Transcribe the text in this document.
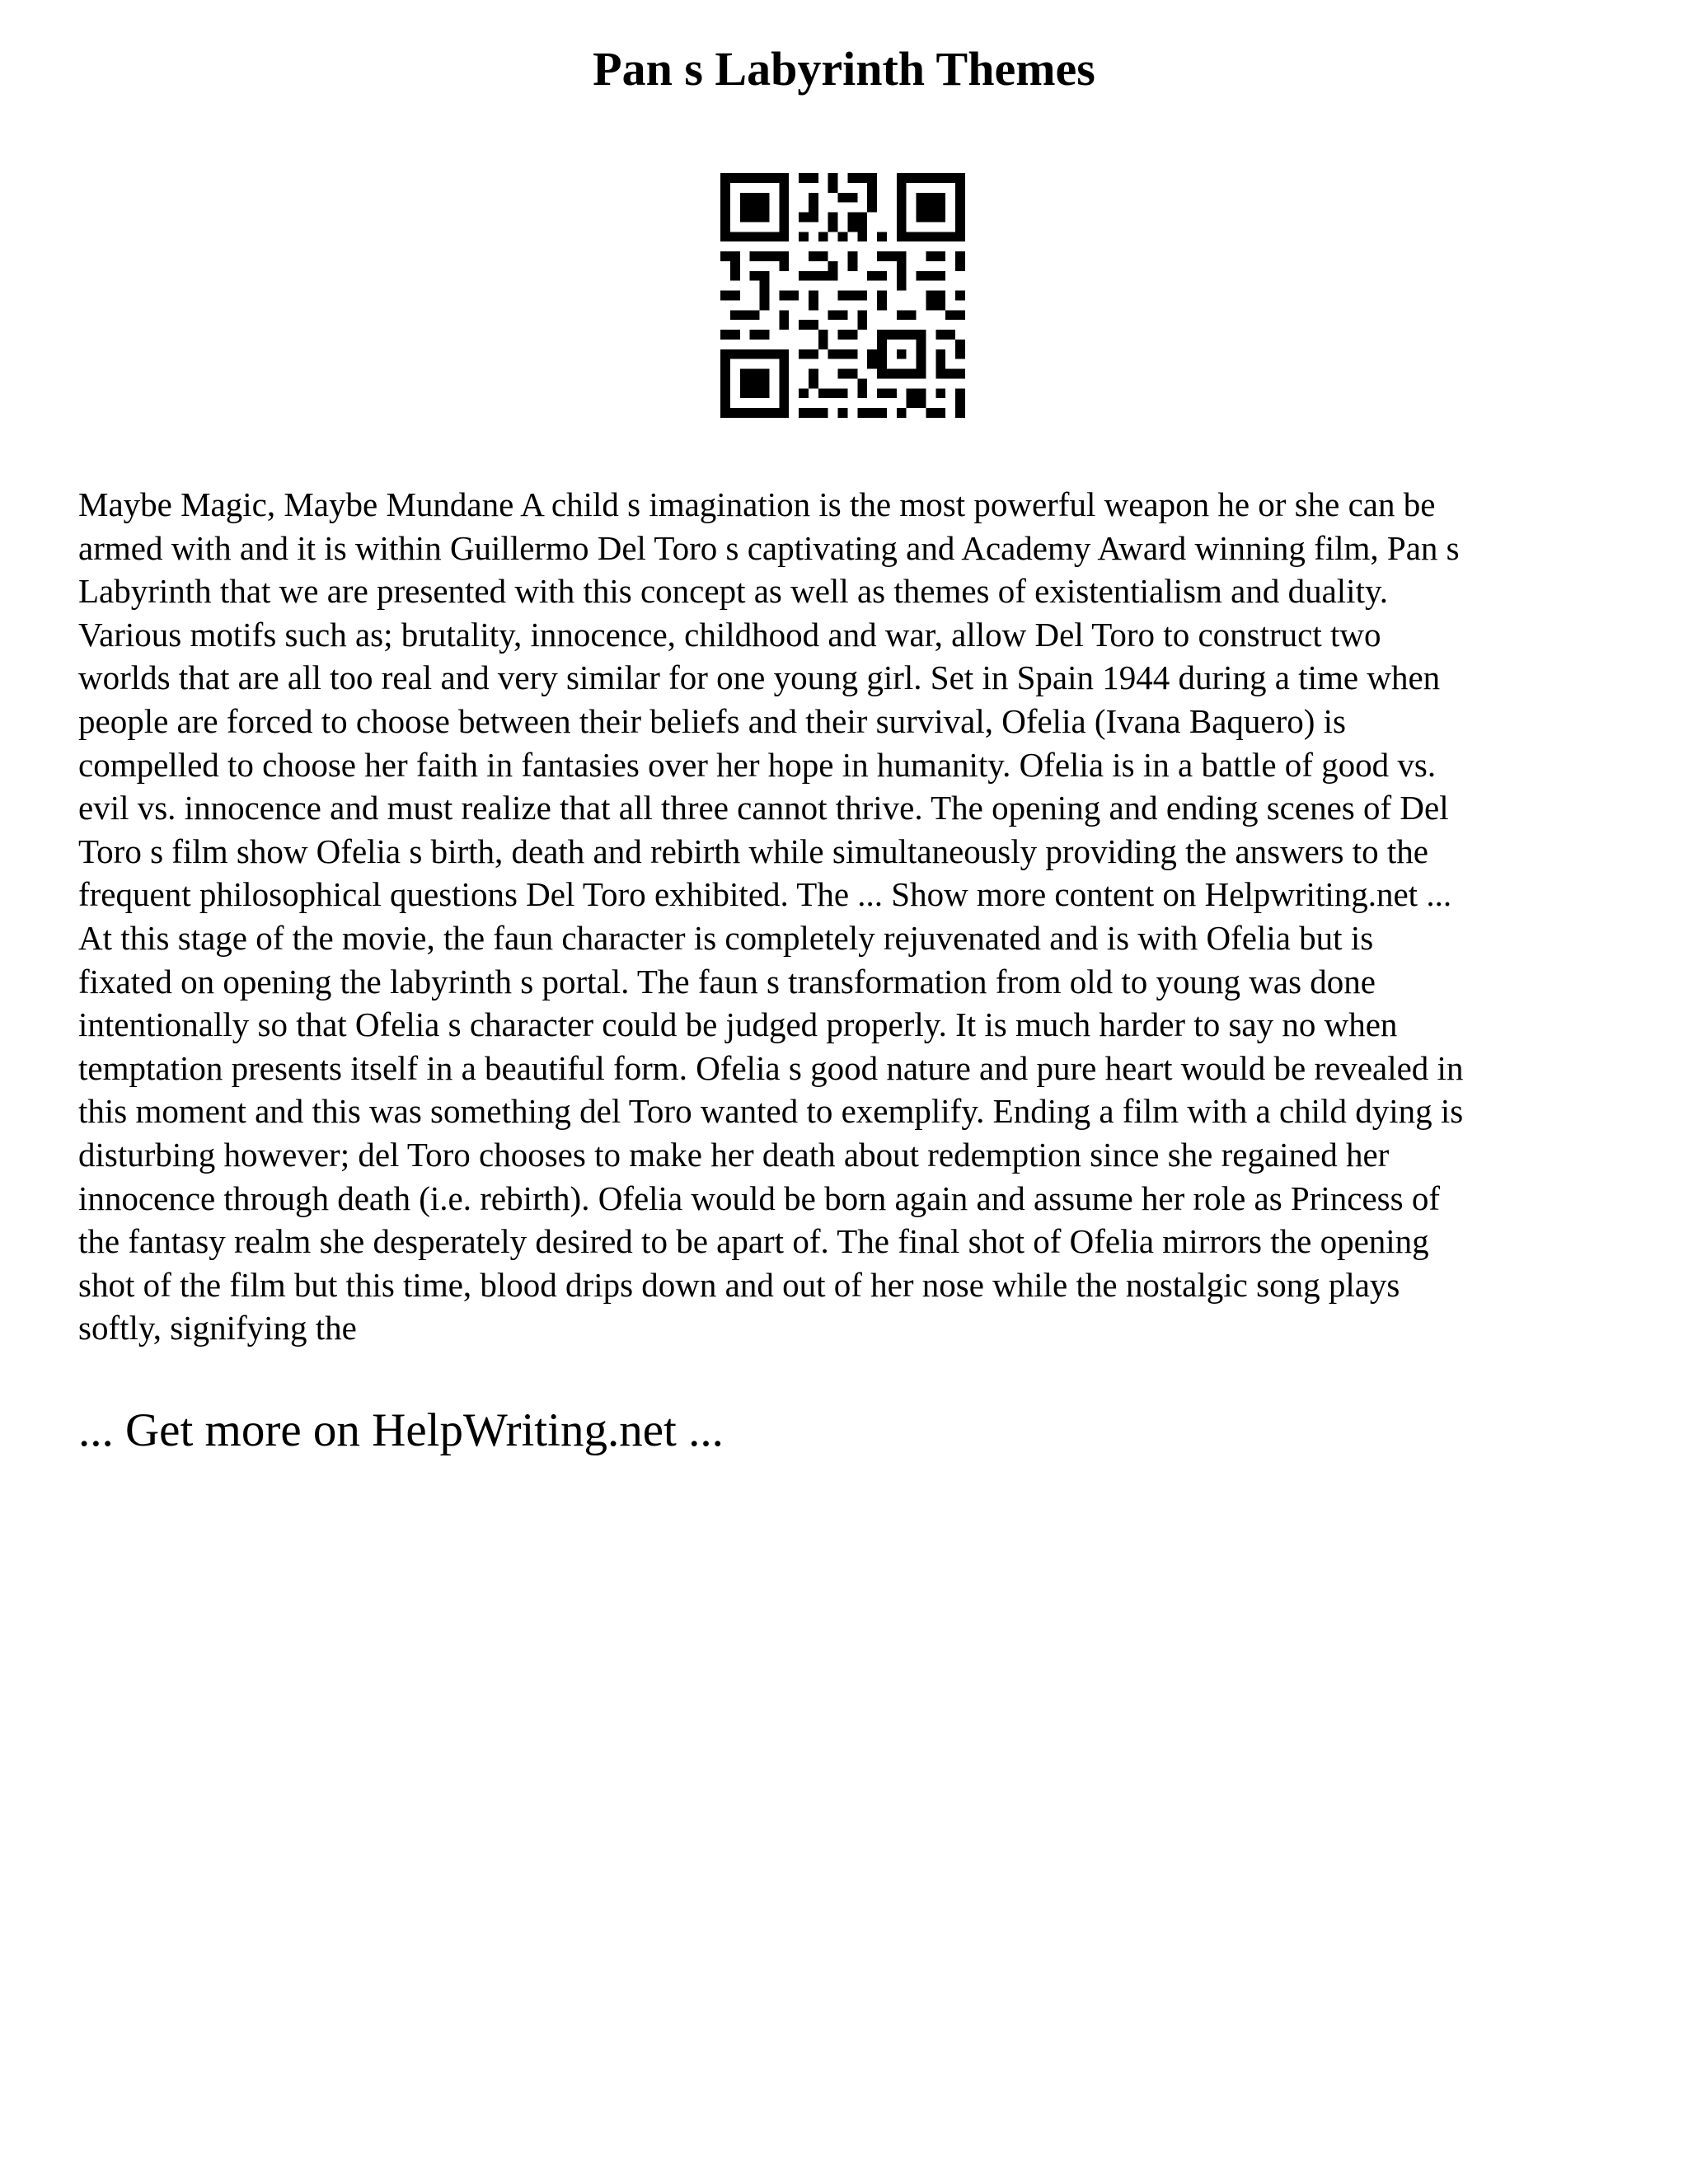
Pan s Labyrinth Themes

Maybe Magic, Maybe Mundane A child s imagination is the most powerful weapon he or she can be
armed with and it is within Guillermo Del Toro s captivating and Academy Award winning film, Pan s
Labyrinth that we are presented with this concept as well as themes of existentialism and duality.
Various motifs such as; brutality, innocence, childhood and war, allow Del Toro to construct two
worlds that are all too real and very similar for one young girl. Set in Spain 1944 during a time when
people are forced to choose between their beliefs and their survival, Ofelia (Ivana Baquero) is
compelled to choose her faith in fantasies over her hope in humanity. Ofelia is in a battle of good vs.
evil vs. innocence and must realize that all three cannot thrive. The opening and ending scenes of Del
Toro s film show Ofelia s birth, death and rebirth while simultaneously providing the answers to the
frequent philosophical questions Del Toro exhibited. The ... Show more content on Helpwriting.net ...
At this stage of the movie, the faun character is completely rejuvenated and is with Ofelia but is
fixated on opening the labyrinth s portal. The faun s transformation from old to young was done
intentionally so that Ofelia s character could be judged properly. It is much harder to say no when
temptation presents itself in a beautiful form. Ofelia s good nature and pure heart would be revealed in
this moment and this was something del Toro wanted to exemplify. Ending a film with a child dying is
disturbing however; del Toro chooses to make her death about redemption since she regained her
innocence through death (i.e. rebirth). Ofelia would be born again and assume her role as Princess of
the fantasy realm she desperately desired to be apart of. The final shot of Ofelia mirrors the opening
shot of the film but this time, blood drips down and out of her nose while the nostalgic song plays
softly, signifying the

... Get more on HelpWriting.net ...
